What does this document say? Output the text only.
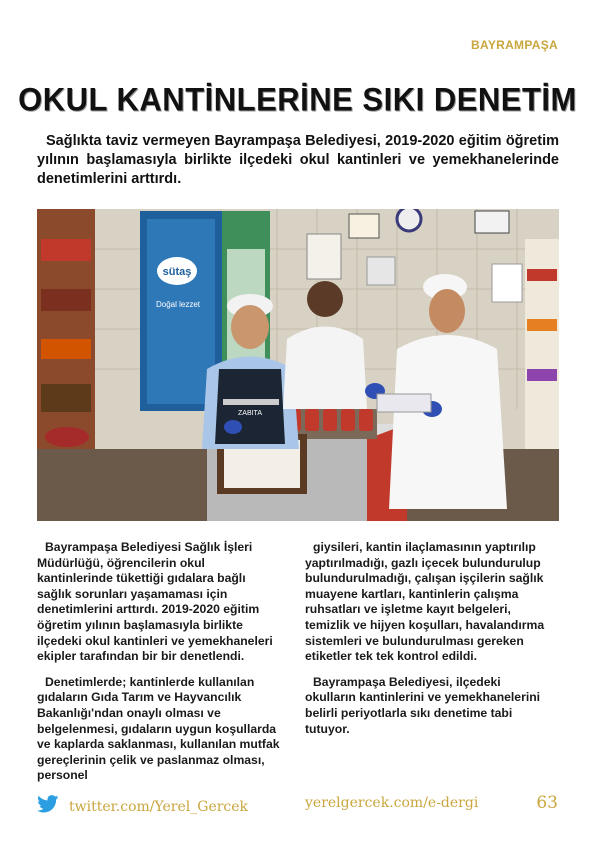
BAYRAMPAŞA
OKUL KANTİNLERİNE SIKI DENETİM
Sağlıkta taviz vermeyen Bayrampaşa Belediyesi, 2019-2020 eğitim öğretim yılının başlamasıyla birlikte ilçedeki okul kantinleri ve yemekhanelerinde denetimlerini arttırdı.
sütaş
Doğal lezzet
ZABITA

Bayrampaşa Belediyesi Sağlık İşleri Müdürlüğü, öğrencilerin okul kantinlerinde tükettiği gıdalara bağlı sağlık sorunları yaşamaması için denetimlerini arttırdı. 2019-2020 eğitim öğretim yılının başlamasıyla birlikte ilçedeki okul kantinleri ve yemekhaneleri ekipler tarafından bir bir denetlendi.

Denetimlerde; kantinlerde kullanılan gıdaların Gıda Tarım ve Hayvancılık Bakanlığı'ndan onaylı olması ve belgelenmesi, gıdaların uygun koşullarda ve kaplarda saklanması, kullanılan mutfak gereçlerinin çelik ve paslanmaz olması, personel

giysileri, kantin ilaçlamasının yaptırılıp yaptırılmadığı, gazlı içecek bulundurulup bulundurulmadığı, çalışan işçilerin sağlık muayene kartları, kantinlerin çalışma ruhsatları ve işletme kayıt belgeleri, temizlik ve hijyen koşulları, havalandırma sistemleri ve bulundurulması gereken etiketler tek tek kontrol edildi.

Bayrampaşa Belediyesi, ilçedeki okulların kantinlerini ve yemekhanelerini belirli periyotlarla sıkı denetime tabi tutuyor.

twitter.com/Yerel_Gercek	yerelgercek.com/e-dergi	63
